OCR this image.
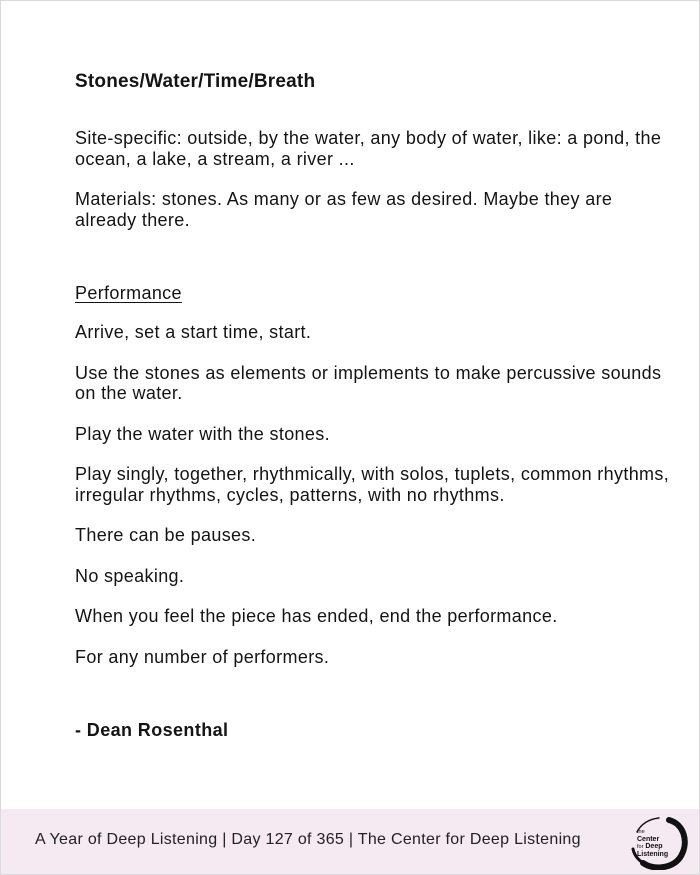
Stones/Water/Time/Breath

Site-specific: outside, by the water, any body of water, like: a pond, the ocean, a lake, a stream, a river ...

Materials: stones. As many or as few as desired. Maybe they are already there.

Performance

Arrive, set a start time, start.

Use the stones as elements or implements to make percussive sounds on the water.

Play the water with the stones.

Play singly, together, rhythmically, with solos, tuplets, common rhythms, irregular rhythms, cycles, patterns, with no rhythms.

There can be pauses.

No speaking.

When you feel the piece has ended, end the performance.

For any number of performers.

- Dean Rosenthal
A Year of Deep Listening | Day 127 of 365 | The Center for Deep Listening	the
Center
for Deep
Listening
